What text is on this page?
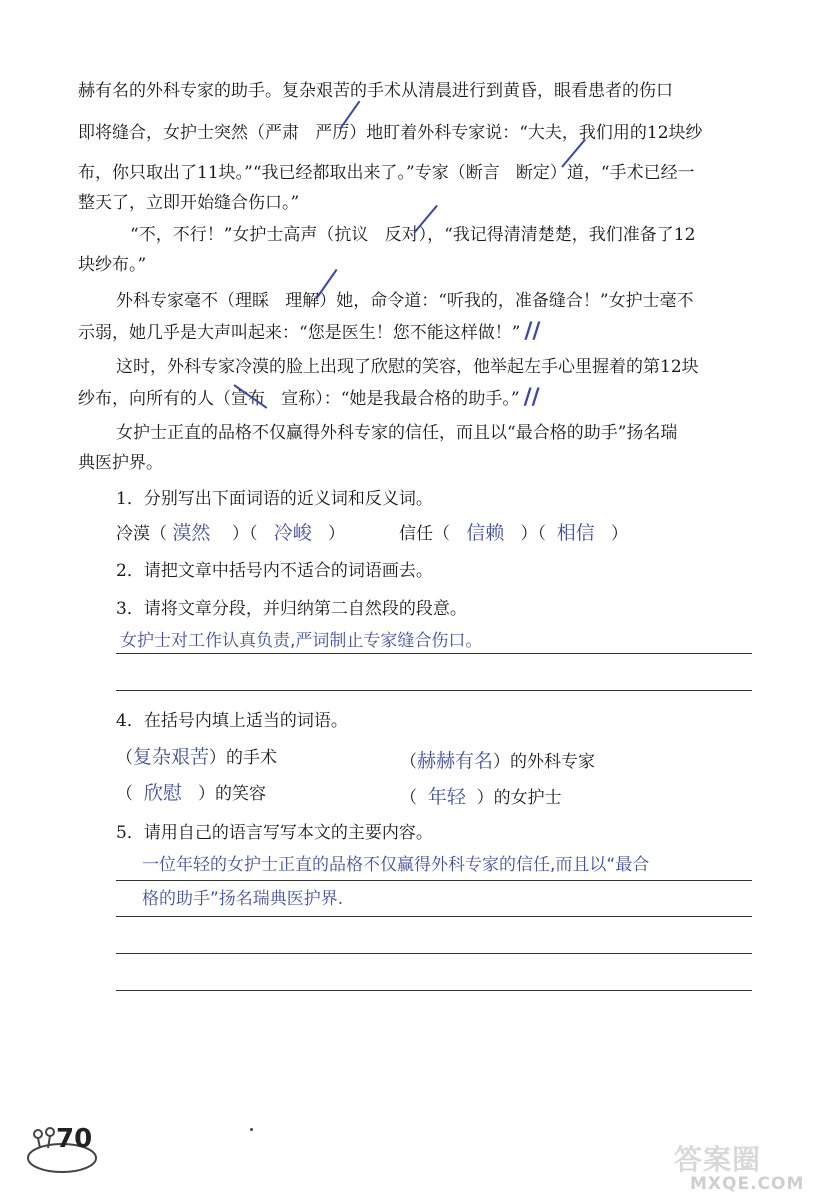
赫有名的外科专家的助手。复杂艰苦的手术从清晨进行到黄昏，眼看患者的伤口
即将缝合，女护士突然（严肃   严厉）地盯着外科专家说：“大夫，我们用的12块纱
布，你只取出了11块。”“我已经都取出来了。”专家（断言   断定）道，“手术已经一
整天了，立即开始缝合伤口。”
“不，不行！”女护士高声（抗议   反对），“我记得清清楚楚，我们准备了12
块纱布。”
外科专家毫不（理睬   理解）她，命令道：“听我的，准备缝合！”女护士毫不
示弱，她几乎是大声叫起来：“您是医生！您不能这样做！” //
这时，外科专家冷漠的脸上出现了欣慰的笑容，他举起左手心里握着的第12块
纱布，向所有的人（宣布   宣称）：“她是我最合格的助手。” //
女护士正直的品格不仅赢得外科专家的信任，而且以“最合格的助手”扬名瑞
典医护界。
1．分别写出下面词语的近义词和反义词。
冷漠（ 漠然    ）（   冷峻   ）          信任（   信赖   ）（  相信   ）
2．请把文章中括号内不适合的词语画去。
3．请将文章分段，并归纳第二自然段的段意。
女护士对工作认真负责,严词制止专家缝合伤口。
4．在括号内填上适当的词语。
（复杂艰苦）的手术	（赫赫有名）的外科专家
（  欣慰   ）的笑容	（  年轻  ）的女护士
5．请用自己的语言写写本文的主要内容。
一位年轻的女护士正直的品格不仅赢得外科专家的信任,而且以“最合
格的助手”扬名瑞典医护界.
70
答案圈
MXQE.COM
